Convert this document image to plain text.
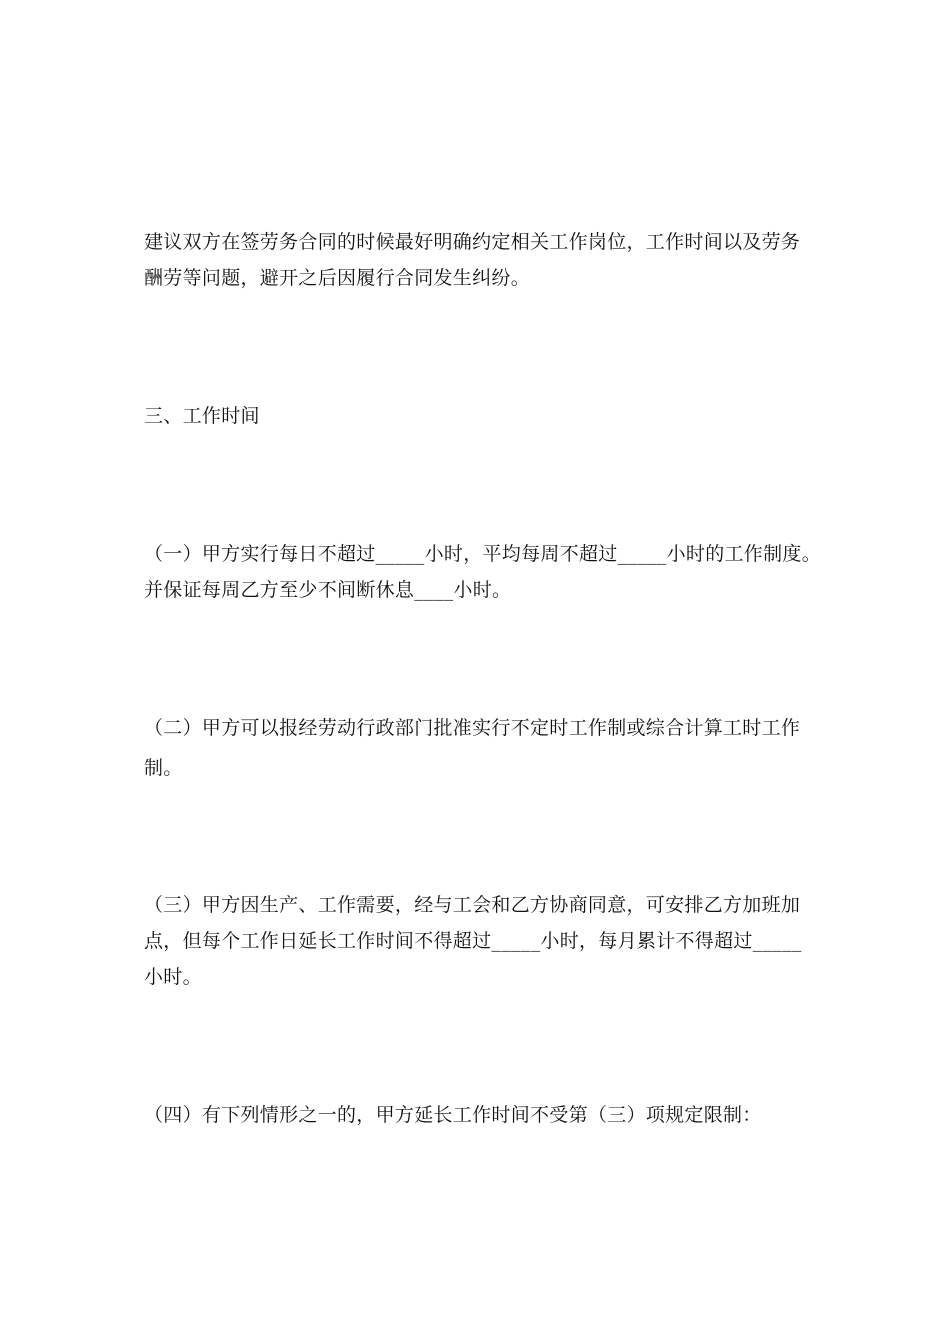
建议双方在签劳务合同的时候最好明确约定相关工作岗位，工作时间以及劳务

酬劳等问题，避开之后因履行合同发生纠纷。

三、工作时间

（一）甲方实行每日不超过_____小时，平均每周不超过_____小时的工作制度。

并保证每周乙方至少不间断休息____小时。

（二）甲方可以报经劳动行政部门批准实行不定时工作制或综合计算工时工作

制。

（三）甲方因生产、工作需要，经与工会和乙方协商同意，可安排乙方加班加

点，但每个工作日延长工作时间不得超过_____小时，每月累计不得超过_____

小时。

（四）有下列情形之一的，甲方延长工作时间不受第（三）项规定限制：
